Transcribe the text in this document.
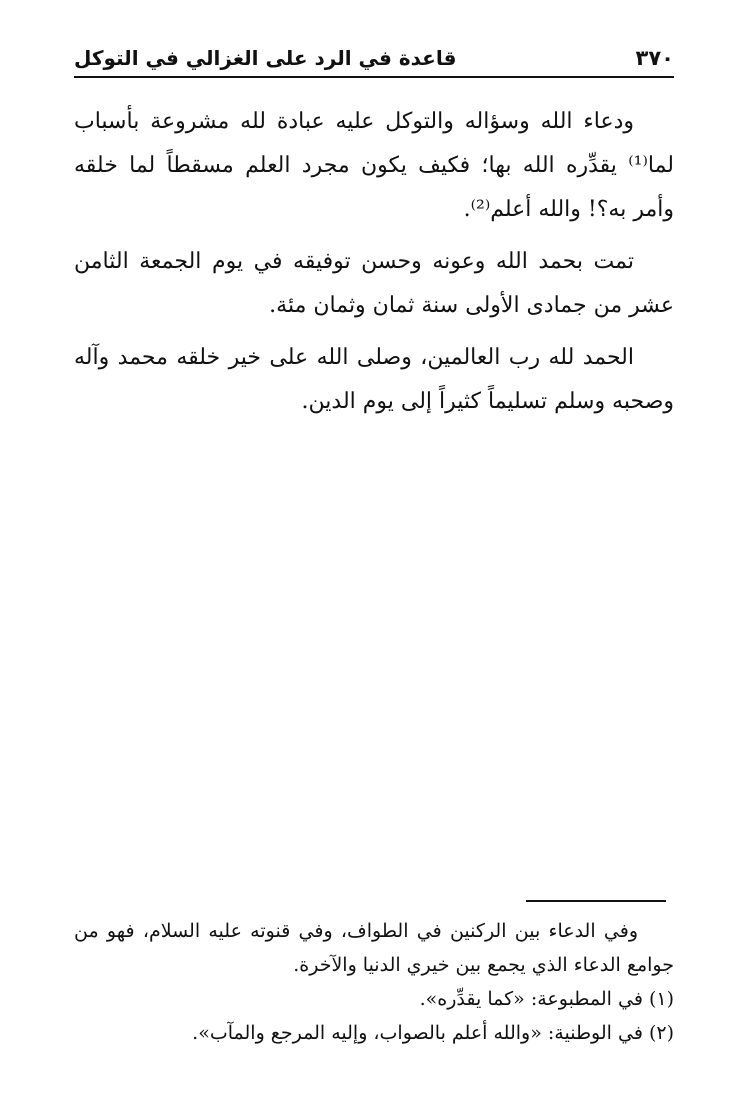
٣٧٠
قاعدة في الرد على الغزالي في التوكل

ودعاء الله وسؤاله والتوكل عليه عبادة لله مشروعة بأسباب لما⁽¹⁾ يقدِّره الله بها؛ فكيف يكون مجرد العلم مسقطاً لما خلقه وأمر به؟! والله أعلم⁽²⁾.

تمت بحمد الله وعونه وحسن توفيقه في يوم الجمعة الثامن عشر من جمادى الأولى سنة ثمان وثمان مئة.

الحمد لله رب العالمين، وصلى الله على خير خلقه محمد وآله وصحبه وسلم تسليماً كثيراً إلى يوم الدين.

وفي الدعاء بين الركنين في الطواف، وفي قنوته عليه السلام، فهو من جوامع الدعاء الذي يجمع بين خيري الدنيا والآخرة.

(١) في المطبوعة: «كما يقدِّره».

(٢) في الوطنية: «والله أعلم بالصواب، وإليه المرجع والمآب».
